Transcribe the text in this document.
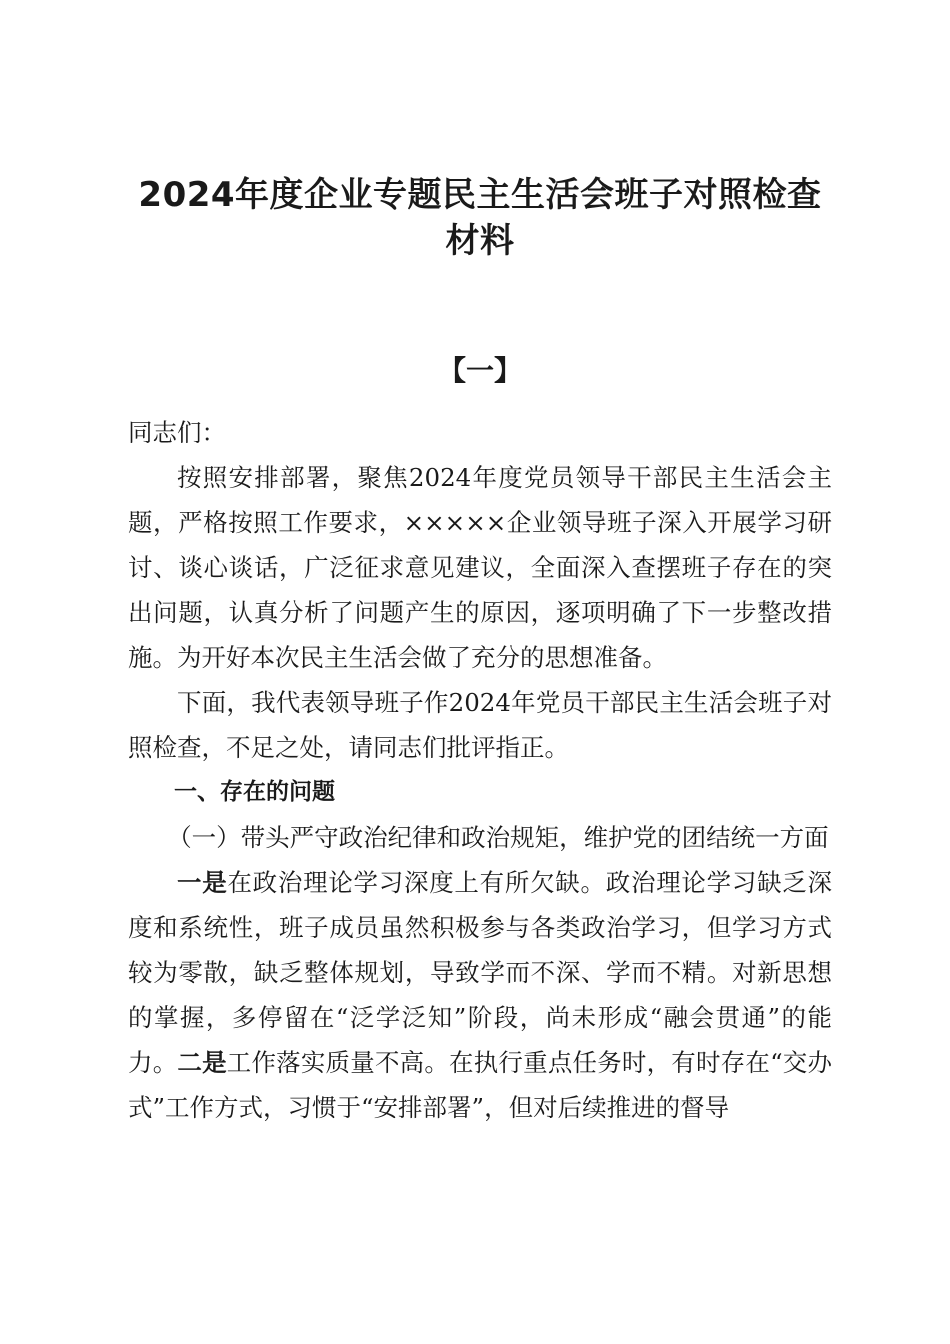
2024年度企业专题民主生活会班子对照检查材料
【一】

同志们：

按照安排部署，聚焦2024年度党员领导干部民主生活会主题，严格按照工作要求，×××××企业领导班子深入开展学习研讨、谈心谈话，广泛征求意见建议，全面深入查摆班子存在的突出问题，认真分析了问题产生的原因，逐项明确了下一步整改措施。为开好本次民主生活会做了充分的思想准备。

下面，我代表领导班子作2024年党员干部民主生活会班子对照检查，不足之处，请同志们批评指正。

一、存在的问题

（一）带头严守政治纪律和政治规矩，维护党的团结统一方面

一是在政治理论学习深度上有所欠缺。政治理论学习缺乏深度和系统性，班子成员虽然积极参与各类政治学习，但学习方式较为零散，缺乏整体规划，导致学而不深、学而不精。对新思想的掌握，多停留在“泛学泛知”阶段，尚未形成“融会贯通”的能力。二是工作落实质量不高。在执行重点任务时，有时存在“交办式”工作方式，习惯于“安排部署”，但对后续推进的督导
